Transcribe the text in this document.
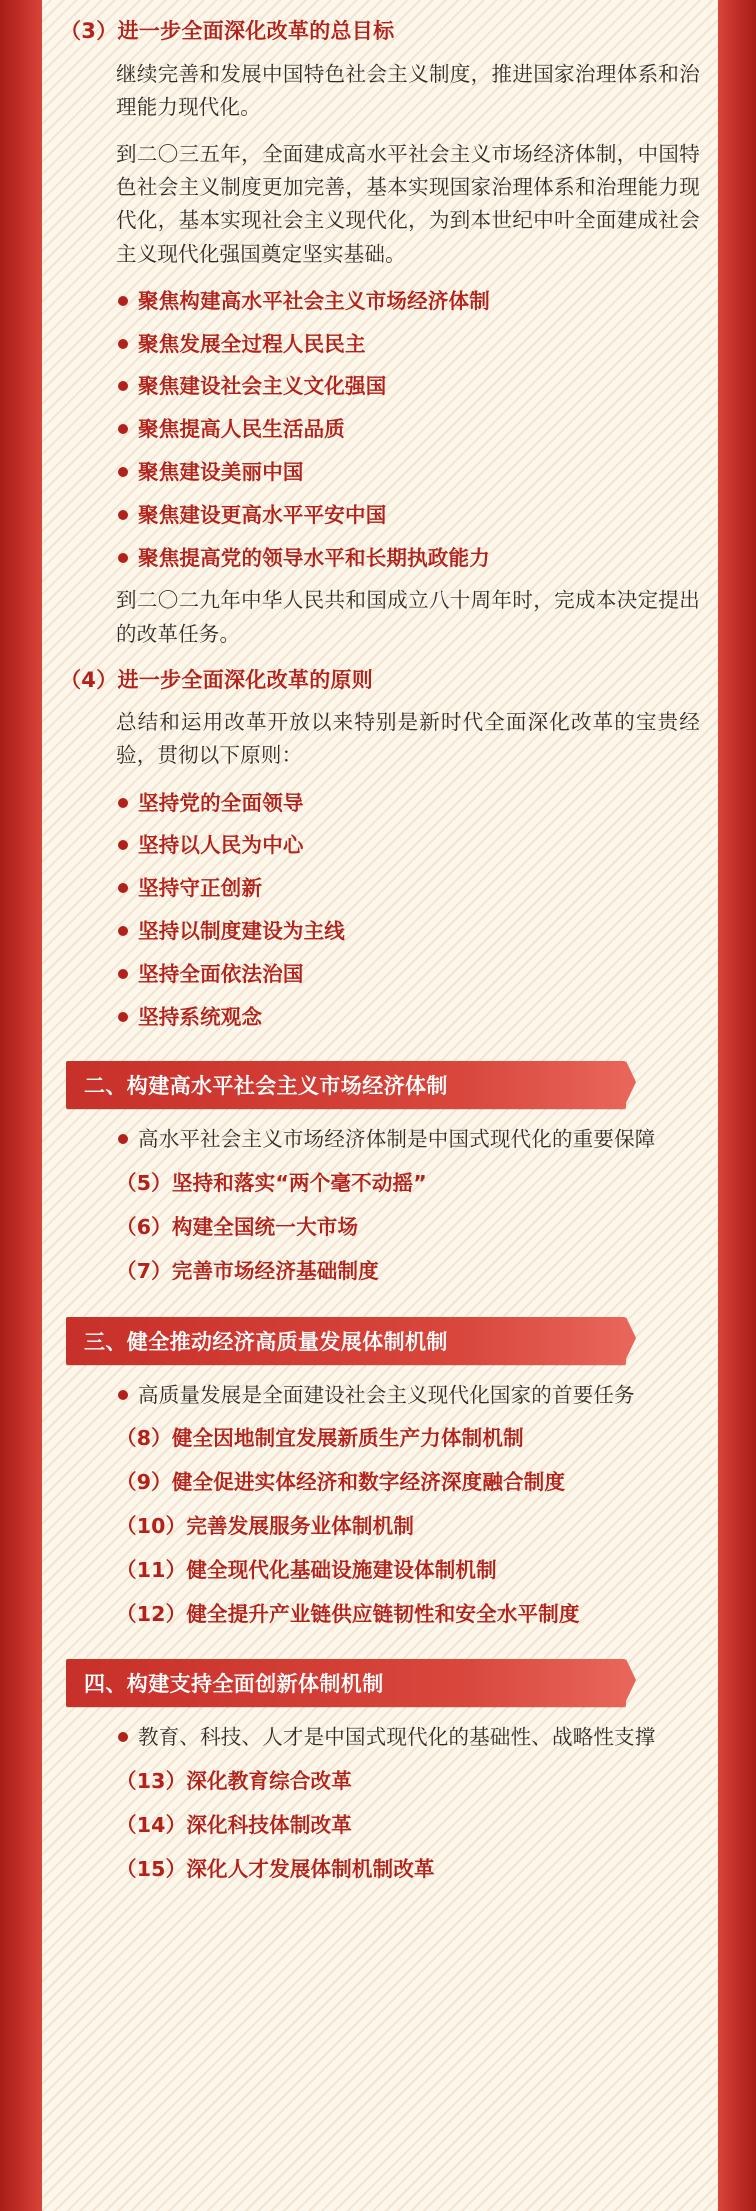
（3）进一步全面深化改革的总目标

继续完善和发展中国特色社会主义制度，推进国家治理体系和治理能力现代化。

到二〇三五年，全面建成高水平社会主义市场经济体制，中国特色社会主义制度更加完善，基本实现国家治理体系和治理能力现代化，基本实现社会主义现代化，为到本世纪中叶全面建成社会主义现代化强国奠定坚实基础。

聚焦构建高水平社会主义市场经济体制
聚焦发展全过程人民民主
聚焦建设社会主义文化强国
聚焦提高人民生活品质
聚焦建设美丽中国
聚焦建设更高水平平安中国
聚焦提高党的领导水平和长期执政能力

到二〇二九年中华人民共和国成立八十周年时，完成本决定提出的改革任务。

（4）进一步全面深化改革的原则

总结和运用改革开放以来特别是新时代全面深化改革的宝贵经验，贯彻以下原则：

坚持党的全面领导
坚持以人民为中心
坚持守正创新
坚持以制度建设为主线
坚持全面依法治国
坚持系统观念
二、构建高水平社会主义市场经济体制
高水平社会主义市场经济体制是中国式现代化的重要保障
（5）坚持和落实“两个毫不动摇”
（6）构建全国统一大市场
（7）完善市场经济基础制度
三、健全推动经济高质量发展体制机制
高质量发展是全面建设社会主义现代化国家的首要任务
（8）健全因地制宜发展新质生产力体制机制
（9）健全促进实体经济和数字经济深度融合制度
（10）完善发展服务业体制机制
（11）健全现代化基础设施建设体制机制
（12）健全提升产业链供应链韧性和安全水平制度
四、构建支持全面创新体制机制
教育、科技、人才是中国式现代化的基础性、战略性支撑
（13）深化教育综合改革
（14）深化科技体制改革
（15）深化人才发展体制机制改革
